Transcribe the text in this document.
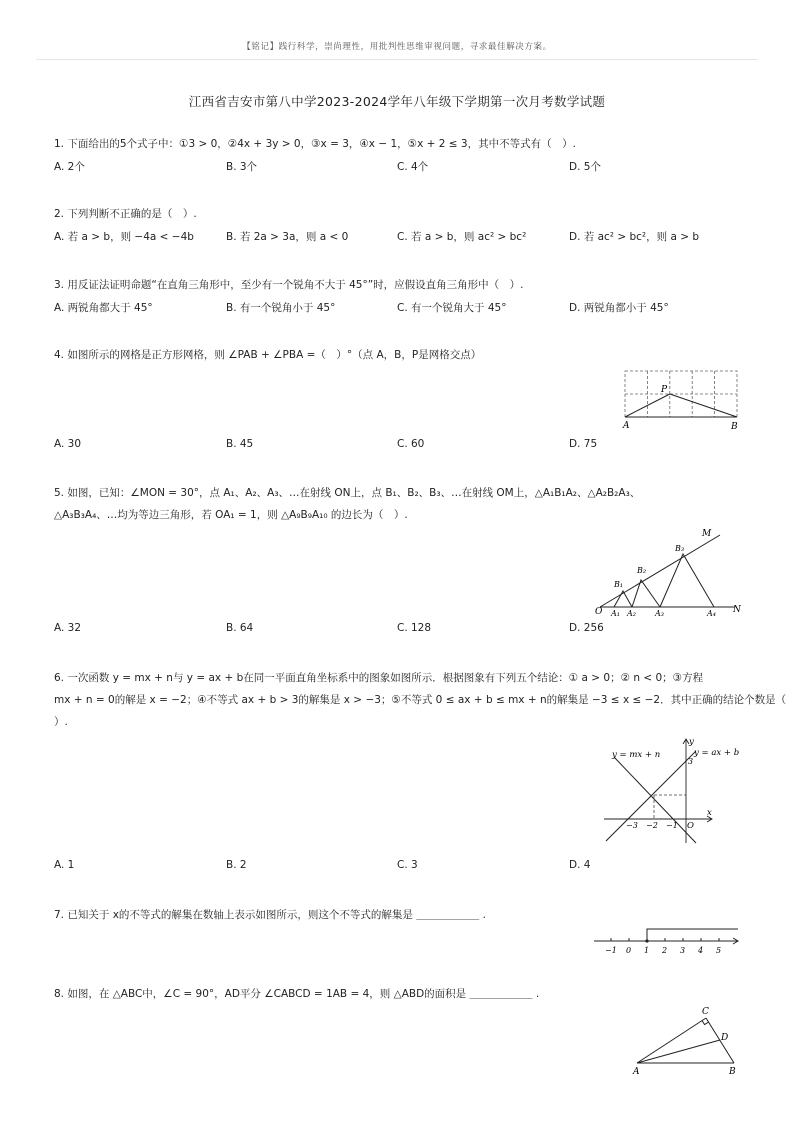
【铭记】践行科学，崇尚理性，用批判性思维审视问题，寻求最佳解决方案。
江西省吉安市第八中学2023-2024学年八年级下学期第一次月考数学试题
1. 下面给出的5个式子中：①3 > 0，②4x + 3y > 0，③x = 3，④x − 1，⑤x + 2 ≤ 3，其中不等式有（　）.
A. 2个	B. 3个	C. 4个	D. 5个
2. 下列判断不正确的是（　）.
A. 若 a > b，则 −4a < −4b	B. 若 2a > 3a，则 a < 0	C. 若 a > b，则 ac² > bc²	D. 若 ac² > bc²，则 a > b
3. 用反证法证明命题“在直角三角形中，至少有一个锐角不大于 45°”时，应假设直角三角形中（　）.
A. 两锐角都大于 45°	B. 有一个锐角小于 45°	C. 有一个锐角大于 45°	D. 两锐角都小于 45°
4. 如图所示的网格是正方形网格，则 ∠PAB + ∠PBA =（　）°（点 A，B，P是网格交点）
P
A	B
A. 30	B. 45	C. 60	D. 75
5. 如图，已知：∠MON = 30°，点 A₁、A₂、A₃、…在射线 ON上，点 B₁、B₂、B₃、…在射线 OM上，△A₁B₁A₂、△A₂B₂A₃、
△A₃B₃A₄、…均为等边三角形，若 OA₁ = 1，则 △A₉B₉A₁₀ 的边长为（　）.
M
N
O
B₁
B₂
B₃
A₁ A₂ A₃	A₄
A. 32	B. 64	C. 128	D. 256
6. 一次函数 y = mx + n与 y = ax + b在同一平面直角坐标系中的图象如图所示．根据图象有下列五个结论：① a > 0；② n < 0；③方程
mx + n = 0的解是 x = −2；④不等式 ax + b > 3的解集是 x > −3；⑤不等式 0 ≤ ax + b ≤ mx + n的解集是 −3 ≤ x ≤ −2．其中正确的结论个数是（
）.
y = mx + n	y = ax + b
y
x
3
O
−3 −2 −1
A. 1	B. 2	C. 3	D. 4
7. 已知关于 x的不等式的解集在数轴上表示如图所示，则这个不等式的解集是 ＿＿＿＿＿＿ .
−1 0 1 2 3 4 5
8. 如图，在 △ABC中，∠C = 90°，AD平分 ∠CABCD = 1AB = 4，则 △ABD的面积是 ＿＿＿＿＿＿ .
C
D
A	B
